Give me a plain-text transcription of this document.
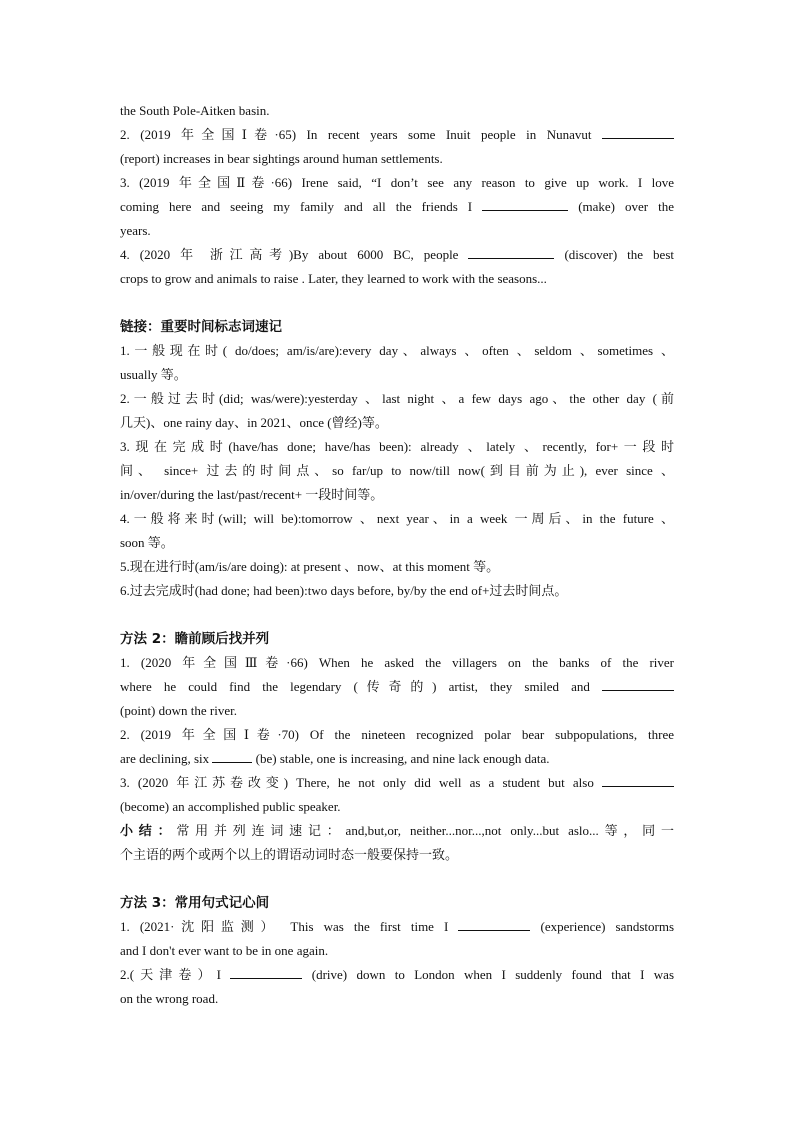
the South Pole-Aitken basin.
2. (2019 年全国Ⅰ卷·65) In recent years some Inuit people in Nunavut
(report) increases in bear sightings around human settlements.
3. (2019 年全国Ⅱ卷·66) Irene said, “I don’t see any reason to give up work. I love
coming here and seeing my family and all the friends I	(make) over the
years.
4. (2020 年 浙江高考)By about 6000 BC, people	(discover) the best
crops to grow and animals to raise . Later, they learned to work with the seasons...
链接：重要时间标志词速记
1.一般现在时( do/does; am/is/are):every day、always 、often 、seldom 、sometimes 、
usually 等。
2.一般过去时(did; was/were):yesterday 、last night 、a few days ago、the other day (前
几天)、one rainy day、in 2021、once (曾经)等。
3.现在完成时(have/has done; have/has been): already 、lately 、recently, for+一段时
间、 since+ 过去的时间点、so far/up to now/till now(到目前为止), ever since 、
in/over/during the last/past/recent+ 一段时间等。
4.一般将来时(will; will be):tomorrow 、next year、in a week 一周后、in the future 、
soon 等。
5.现在进行时(am/is/are doing): at present 、now、at this moment 等。
6.过去完成时(had done; had been):two days before, by/by the end of+过去时间点。
方法 2：瞻前顾后找并列
1. (2020 年全国Ⅲ卷·66) When he asked the villagers on the banks of the river
where he could find the legendary (传奇的) artist, they smiled and
(point) down the river.
2. (2019 年全国Ⅰ卷·70) Of the nineteen recognized polar bear subpopulations, three
are declining, six	(be) stable, one is increasing, and nine lack enough data.
3. (2020 年江苏卷改变) There, he not only did well as a student but also
(become) an accomplished public speaker.
小结：常用并列连词速记：and,but,or, neither...nor...,not only...but aslo...等，同一
个主语的两个或两个以上的谓语动词时态一般要保持一致。
方法 3：常用句式记心间
1. (2021·沈阳监测） This was the first time I	(experience) sandstorms
and I don't ever want to be in one again.
2.(天津卷）I	(drive) down to London when I suddenly found that I was
on the wrong road.
